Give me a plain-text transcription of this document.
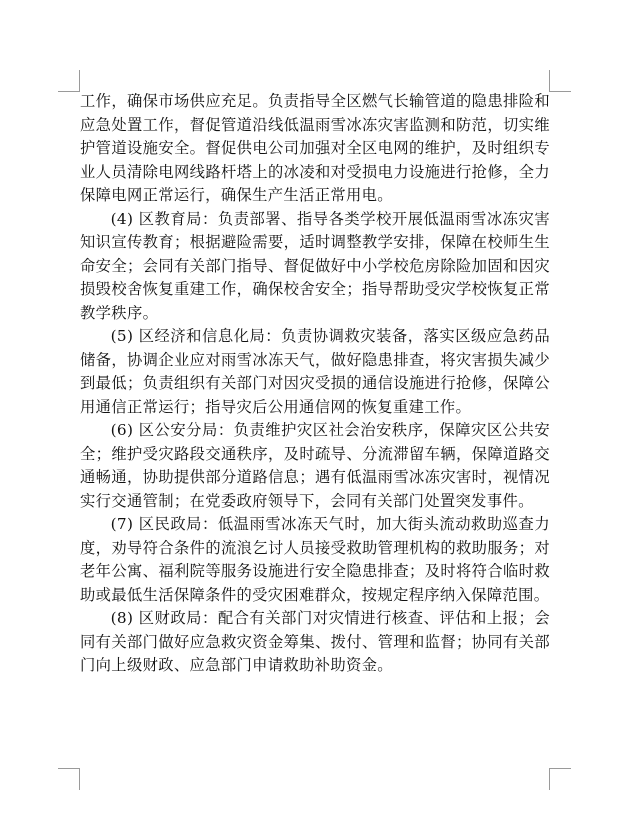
工作，确保市场供应充足。负责指导全区燃气长输管道的隐患排险和应急处置工作，督促管道沿线低温雨雪冰冻灾害监测和防范，切实维护管道设施安全。督促供电公司加强对全区电网的维护，及时组织专业人员清除电网线路杆塔上的冰凌和对受损电力设施进行抢修，全力保障电网正常运行，确保生产生活正常用电。

(4) 区教育局：负责部署、指导各类学校开展低温雨雪冰冻灾害知识宣传教育；根据避险需要，适时调整教学安排，保障在校师生生命安全；会同有关部门指导、督促做好中小学校危房除险加固和因灾损毁校舍恢复重建工作，确保校舍安全；指导帮助受灾学校恢复正常教学秩序。

(5) 区经济和信息化局：负责协调救灾装备，落实区级应急药品储备，协调企业应对雨雪冰冻天气，做好隐患排查，将灾害损失减少到最低；负责组织有关部门对因灾受损的通信设施进行抢修，保障公用通信正常运行；指导灾后公用通信网的恢复重建工作。

(6) 区公安分局：负责维护灾区社会治安秩序，保障灾区公共安全；维护受灾路段交通秩序，及时疏导、分流滞留车辆，保障道路交通畅通，协助提供部分道路信息；遇有低温雨雪冰冻灾害时，视情况实行交通管制；在党委政府领导下，会同有关部门处置突发事件。

(7) 区民政局：低温雨雪冰冻天气时，加大街头流动救助巡查力度，劝导符合条件的流浪乞讨人员接受救助管理机构的救助服务；对老年公寓、福利院等服务设施进行安全隐患排查；及时将符合临时救助或最低生活保障条件的受灾困难群众，按规定程序纳入保障范围。

(8) 区财政局：配合有关部门对灾情进行核查、评估和上报；会同有关部门做好应急救灾资金筹集、拨付、管理和监督；协同有关部门向上级财政、应急部门申请救助补助资金。
